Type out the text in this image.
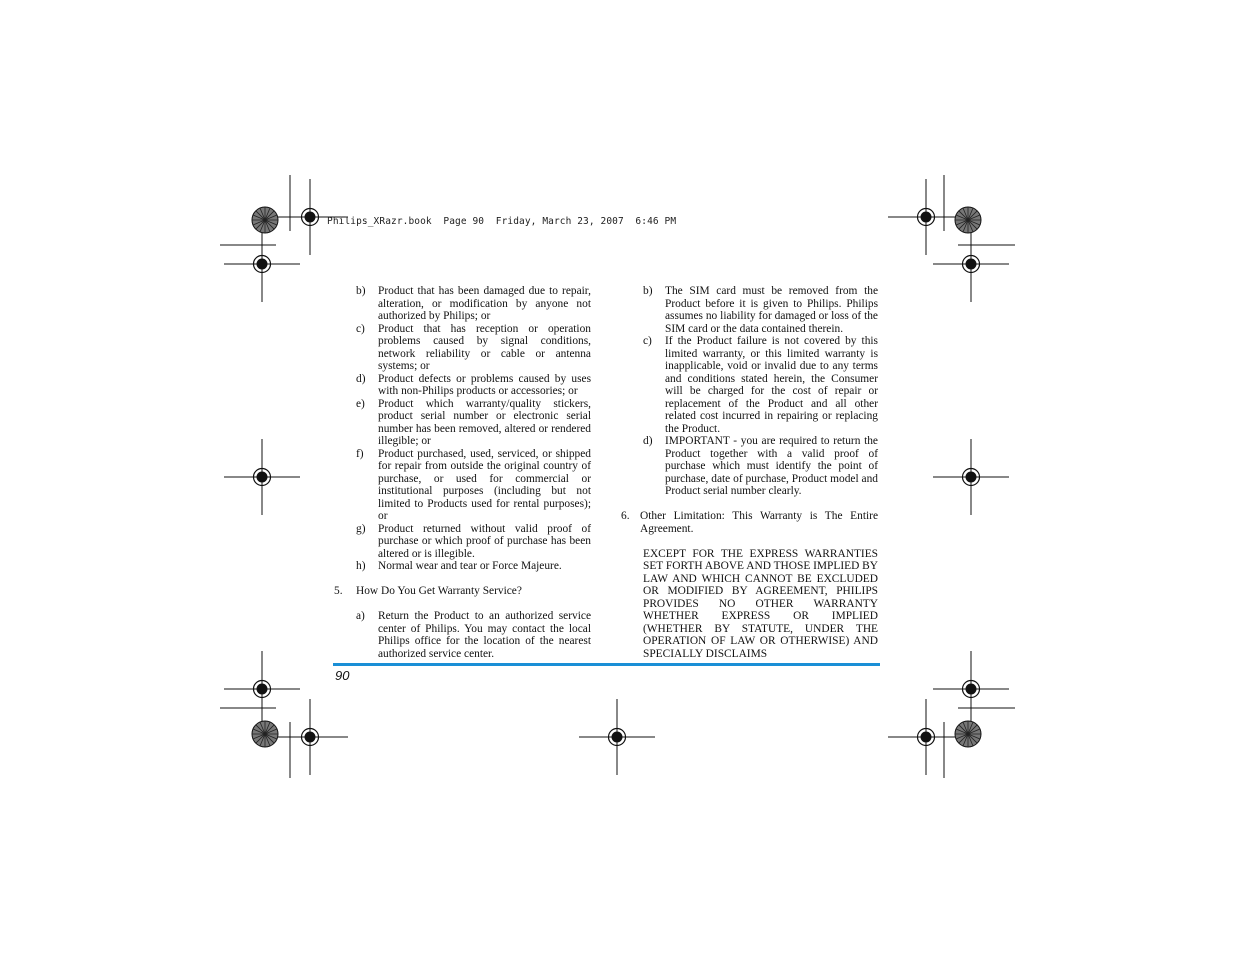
Philips_XRazr.book  Page 90  Friday, March 23, 2007  6:46 PM
b)	Product that has been damaged due to repair, alteration, or modification by anyone not authorized by Philips; or
c)	Product that has reception or operation problems caused by signal conditions, network reliability or cable or antenna systems; or
d)	Product defects or problems caused by uses with non-Philips products or accessories; or
e)	Product which warranty/quality stickers, product serial number or electronic serial number has been removed, altered or rendered illegible; or
f)	Product purchased, used, serviced, or shipped for repair from outside the original country of purchase, or used for commercial or institutional purposes (including but not limited to Products used for rental purposes); or
g)	Product returned without valid proof of purchase or which proof of purchase has been altered or is illegible.
h)	Normal wear and tear or Force Majeure.
5.	How Do You Get Warranty Service?
a)	Return the Product to an authorized service center of Philips. You may contact the local Philips office for the location of the nearest authorized service center.
b)	The SIM card must be removed from the Product before it is given to Philips. Philips assumes no liability for damaged or loss of the SIM card or the data contained therein.
c)	If the Product failure is not covered by this limited warranty, or this limited warranty is inapplicable, void or invalid due to any terms and conditions stated herein, the Consumer will be charged for the cost of repair or replacement of the Product and all other related cost incurred in repairing or replacing the Product.
d)	IMPORTANT - you are required to return the Product together with a valid proof of purchase which must identify the point of purchase, date of purchase, Product model and Product serial number clearly.
6. Other Limitation: This Warranty is The Entire Agreement.
EXCEPT FOR THE EXPRESS WARRANTIES SET FORTH ABOVE AND THOSE IMPLIED BY LAW AND WHICH CANNOT BE EXCLUDED OR MODIFIED BY AGREEMENT, PHILIPS PROVIDES NO OTHER WARRANTY WHETHER EXPRESS OR IMPLIED (WHETHER BY STATUTE, UNDER THE OPERATION OF LAW OR OTHERWISE) AND SPECIALLY DISCLAIMS
90
